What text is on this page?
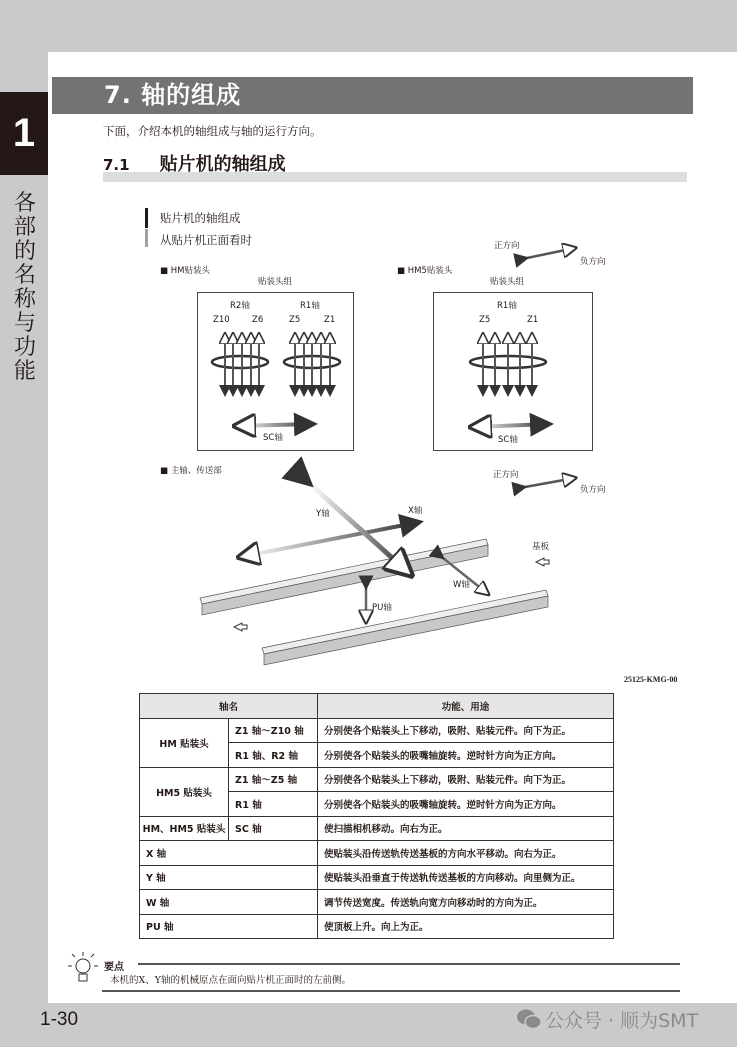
1
各部的名称与功能
7. 轴的组成
下面，介绍本机的轴组成与轴的运行方向。
7.1 贴片机的轴组成
贴片机的轴组成
从贴片机正面看时
■ HM贴装头
贴装头组
■ HM5贴装头
贴装头组
R2轴	R1轴
Z10	Z6	Z5	Z1
R1轴
Z5	Z1
SC轴	SC轴
正方向
负方向
正方向
负方向
■ 主轴、传送部
X轴
Y轴
PU轴
W轴
基板
25125-KMG-00
轴名		功能、用途
HM 贴装头	Z1 轴～Z10 轴	分别使各个贴装头上下移动，吸附、贴装元件。向下为正。
	R1 轴、R2 轴	分别使各个贴装头的吸嘴轴旋转。逆时针方向为正方向。
HM5 贴装头	Z1 轴～Z5 轴	分别使各个贴装头上下移动，吸附、贴装元件。向下为正。
	R1 轴	分别使各个贴装头的吸嘴轴旋转。逆时针方向为正方向。
HM、HM5 贴装头	SC 轴	使扫描相机移动。向右为正。
X 轴		使贴装头沿传送轨传送基板的方向水平移动。向右为正。
Y 轴		使贴装头沿垂直于传送轨传送基板的方向移动。向里侧为正。
W 轴		调节传送宽度。传送轨向宽方向移动时的方向为正。
PU 轴		使顶板上升。向上为正。
要点
本机的X、Y轴的机械原点在面向贴片机正面时的左前侧。
1-30	公众号 · 顺为SMT
